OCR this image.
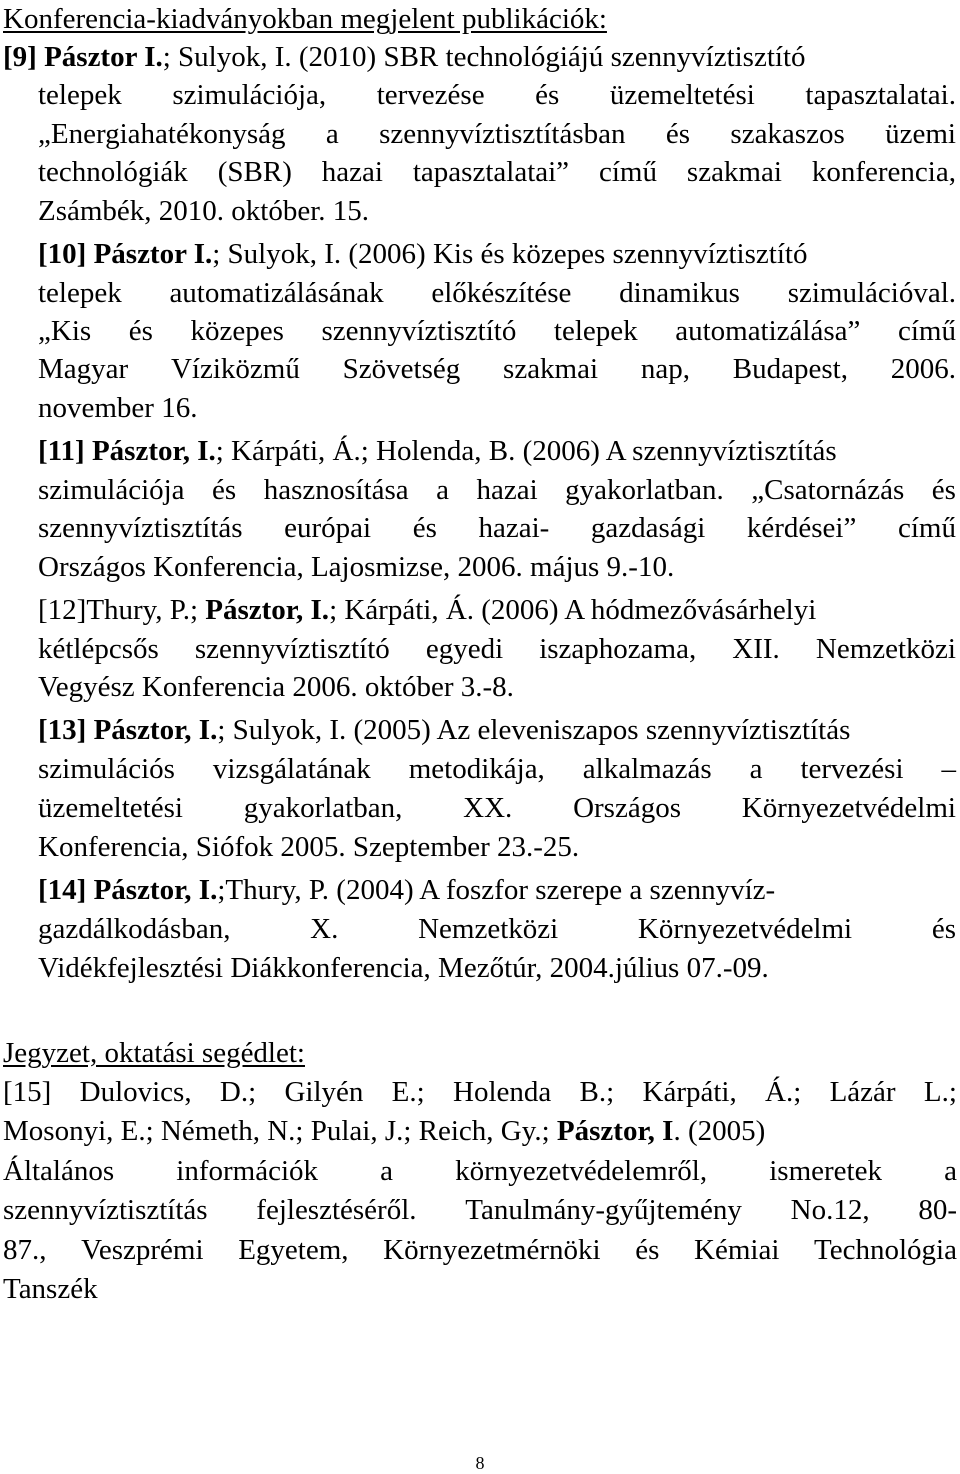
Konferencia-kiadványokban megjelent publikációk:
[9] Pásztor I.; Sulyok, I. (2010) SBR technológiájú szennyvíztisztító
telepek szimulációja, tervezése és üzemeltetési tapasztalatai.
„Energiahatékonyság a szennyvíztisztításban és szakaszos üzemi
technológiák (SBR) hazai tapasztalatai” című szakmai konferencia,
Zsámbék, 2010. október. 15.
[10] Pásztor I.; Sulyok, I. (2006) Kis és közepes szennyvíztisztító
telepek automatizálásának előkészítése dinamikus szimulációval.
„Kis és közepes szennyvíztisztító telepek automatizálása” című
Magyar Víziközmű Szövetség szakmai nap, Budapest, 2006.
november 16.
[11] Pásztor, I.; Kárpáti, Á.; Holenda, B. (2006) A szennyvíztisztítás
szimulációja és hasznosítása a hazai gyakorlatban. „Csatornázás és
szennyvíztisztítás európai és hazai- gazdasági kérdései” című
Országos Konferencia, Lajosmizse, 2006. május 9.-10.
[12]Thury, P.; Pásztor, I.; Kárpáti, Á. (2006) A hódmezővásárhelyi
kétlépcsős szennyvíztisztító egyedi iszaphozama, XII. Nemzetközi
Vegyész Konferencia 2006. október 3.-8.
[13] Pásztor, I.; Sulyok, I. (2005) Az eleveniszapos szennyvíztisztítás
szimulációs vizsgálatának metodikája, alkalmazás a tervezési –
üzemeltetési gyakorlatban, XX. Országos Környezetvédelmi
Konferencia, Siófok 2005. Szeptember 23.-25.
[14] Pásztor, I.;Thury, P. (2004) A foszfor szerepe a szennyvíz-
gazdálkodásban,	X.	Nemzetközi	Környezetvédelmi	és
Vidékfejlesztési Diákkonferencia, Mezőtúr, 2004.július 07.-09.
Jegyzet, oktatási segédlet:
[15] Dulovics, D.; Gilyén E.; Holenda B.; Kárpáti, Á.; Lázár L.;
Mosonyi, E.; Németh, N.; Pulai, J.; Reich, Gy.; Pásztor, I. (2005)
Általános információk a környezetvédelemről, ismeretek a
szennyvíztisztítás fejlesztéséről. Tanulmány-gyűjtemény No.12, 80-
87., Veszprémi Egyetem, Környezetmérnöki és Kémiai Technológia
Tanszék
8
